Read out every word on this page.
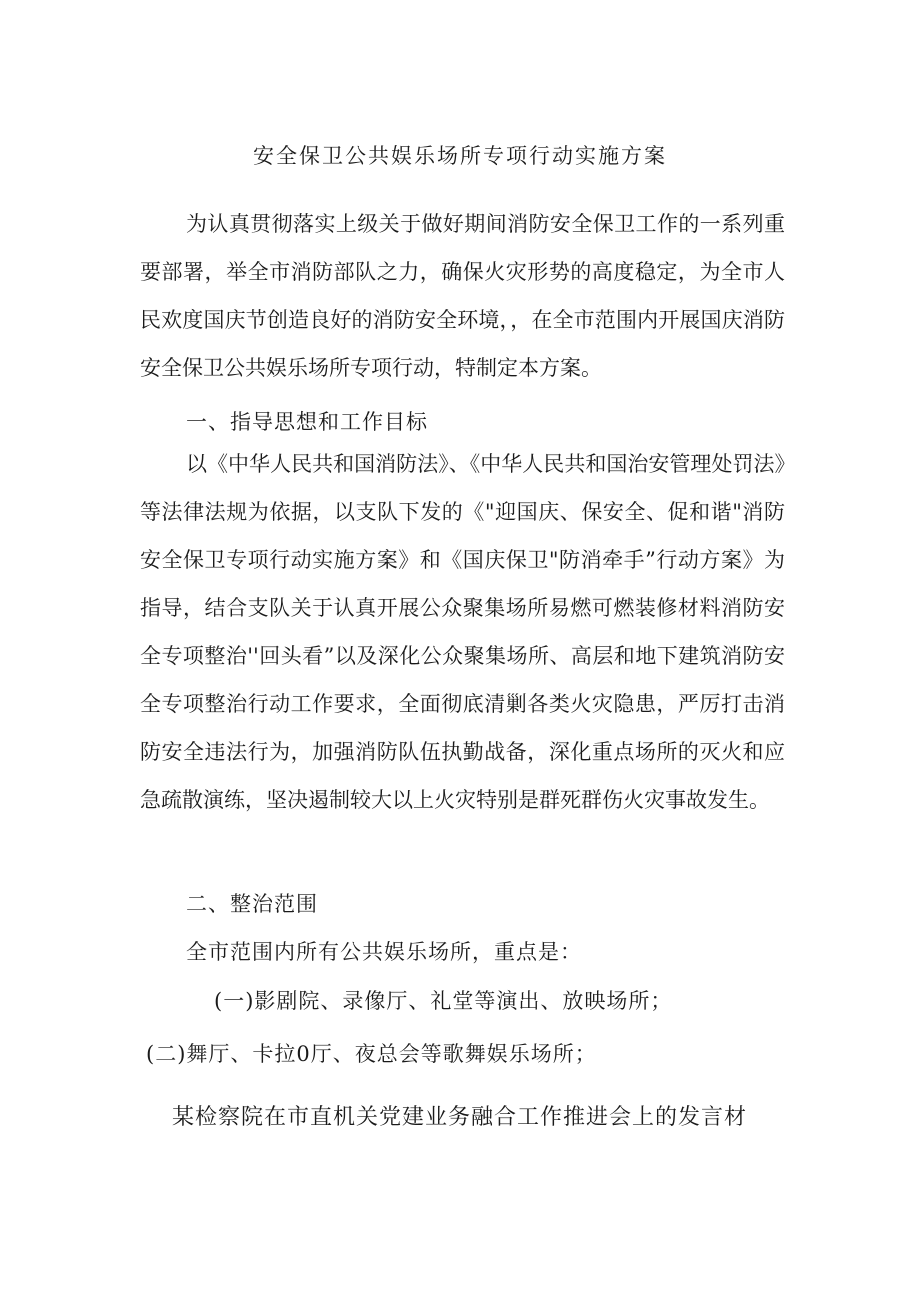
安全保卫公共娱乐场所专项行动实施方案

为认真贯彻落实上级关于做好期间消防安全保卫工作的一系列重要部署，举全市消防部队之力，确保火灾形势的高度稳定，为全市人民欢度国庆节创造良好的消防安全环境，，在全市范围内开展国庆消防安全保卫公共娱乐场所专项行动，特制定本方案。

一、指导思想和工作目标

以《中华人民共和国消防法》、《中华人民共和国治安管理处罚法》等法律法规为依据，以支队下发的《"迎国庆、保安全、促和谐"消防安全保卫专项行动实施方案》和《国庆保卫"防消牵手”行动方案》为指导，结合支队关于认真开展公众聚集场所易燃可燃装修材料消防安全专项整治''回头看”以及深化公众聚集场所、高层和地下建筑消防安全专项整治行动工作要求，全面彻底清剿各类火灾隐患，严厉打击消防安全违法行为，加强消防队伍执勤战备，深化重点场所的灭火和应急疏散演练，坚决遏制较大以上火灾特别是群死群伤火灾事故发生。

二、整治范围
全市范围内所有公共娱乐场所，重点是：
(一)影剧院、录像厅、礼堂等演出、放映场所；
(二)舞厅、卡拉0厅、夜总会等歌舞娱乐场所；
某检察院在市直机关党建业务融合工作推进会上的发言材
